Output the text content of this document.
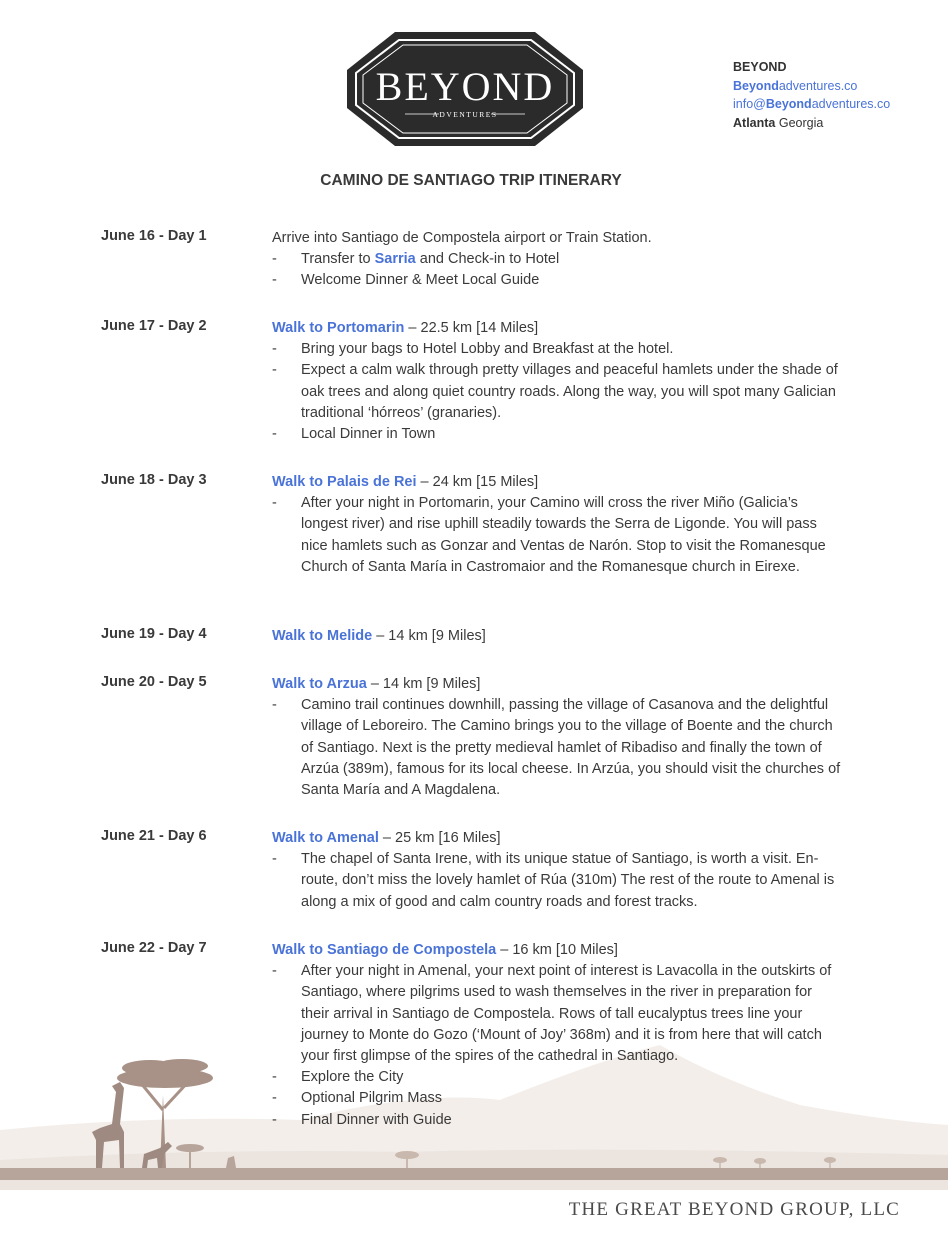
BEYOND
ADVENTURES
BEYOND
Beyondadventures.co
info@Beyondadventures.co
Atlanta Georgia
CAMINO DE SANTIAGO TRIP ITINERARY
June 16 - Day 1	Arrive into Santiago de Compostela airport or Train Station.
- Transfer to Sarria and Check-in to Hotel
- Welcome Dinner & Meet Local Guide
June 17 - Day 2	Walk to Portomarin – 22.5 km [14 Miles]
- Bring your bags to Hotel Lobby and Breakfast at the hotel.
- Expect a calm walk through pretty villages and peaceful hamlets under the shade of oak trees and along quiet country roads. Along the way, you will spot many Galician traditional ‘hórreos’ (granaries).
- Local Dinner in Town
June 18 - Day 3	Walk to Palais de Rei – 24 km [15 Miles]
- After your night in Portomarin, your Camino will cross the river Miño (Galicia’s longest river) and rise uphill steadily towards the Serra de Ligonde. You will pass nice hamlets such as Gonzar and Ventas de Narón. Stop to visit the Romanesque Church of Santa María in Castromaior and the Romanesque church in Eirexe.
June 19 - Day 4	Walk to Melide – 14 km [9 Miles]
June 20 - Day 5	Walk to Arzua – 14 km [9 Miles]
- Camino trail continues downhill, passing the village of Casanova and the delightful village of Leboreiro. The Camino brings you to the village of Boente and the church of Santiago. Next is the pretty medieval hamlet of Ribadiso and finally the town of Arzúa (389m), famous for its local cheese. In Arzúa, you should visit the churches of Santa María and A Magdalena.
June 21 - Day 6	Walk to Amenal – 25 km [16 Miles]
- The chapel of Santa Irene, with its unique statue of Santiago, is worth a visit. En-route, don’t miss the lovely hamlet of Rúa (310m) The rest of the route to Amenal is along a mix of good and calm country roads and forest tracks.
June 22 - Day 7	Walk to Santiago de Compostela – 16 km [10 Miles]
- After your night in Amenal, your next point of interest is Lavacolla in the outskirts of Santiago, where pilgrims used to wash themselves in the river in preparation for their arrival in Santiago de Compostela. Rows of tall eucalyptus trees line your journey to Monte do Gozo (‘Mount of Joy’ 368m) and it is from here that will catch your first glimpse of the spires of the cathedral in Santiago.
- Explore the City
- Optional Pilgrim Mass
- Final Dinner with Guide
THE GREAT BEYOND GROUP, LLC
